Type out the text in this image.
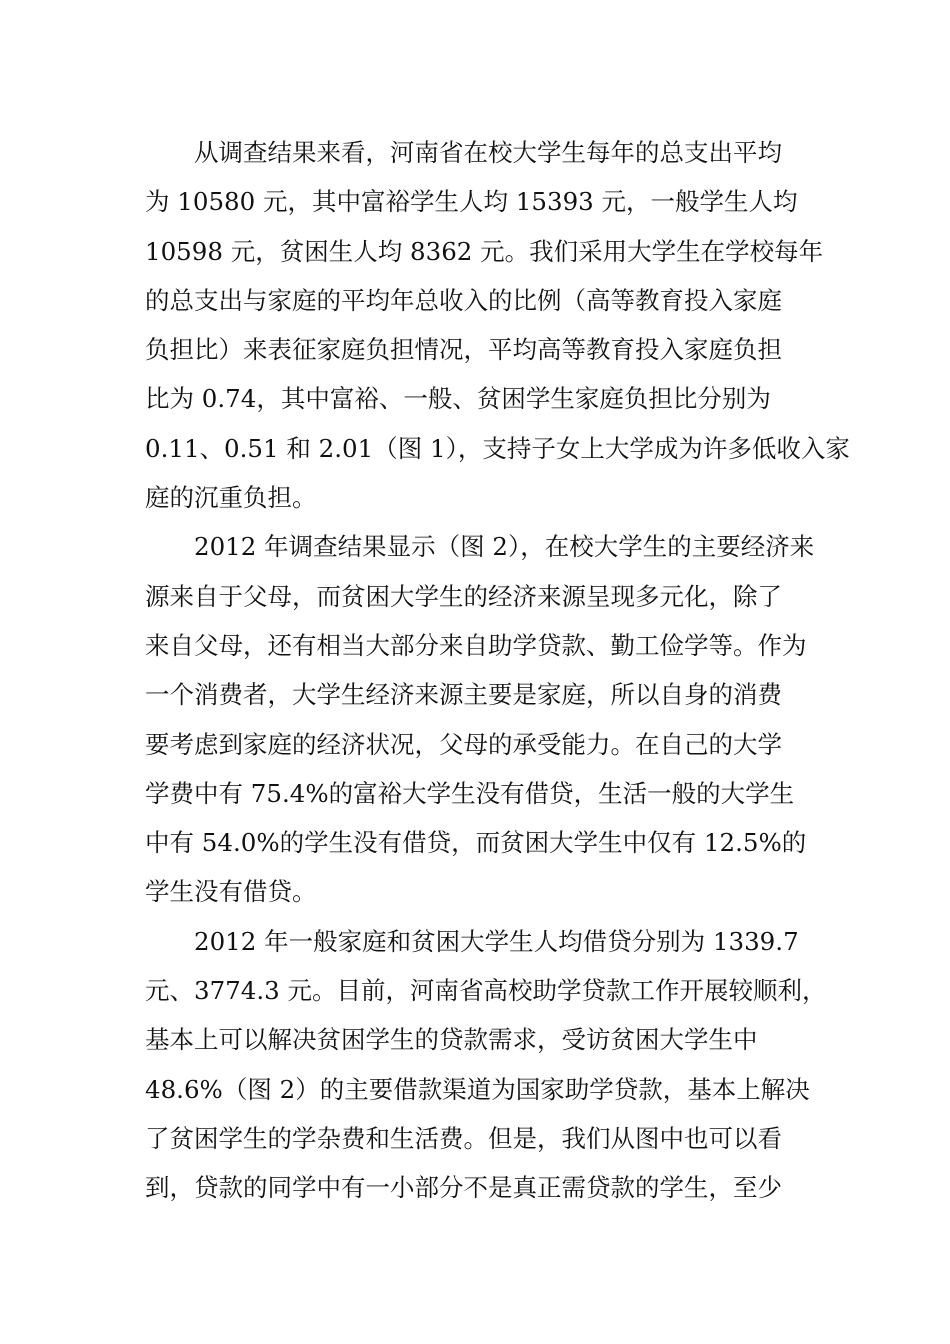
从调查结果来看，河南省在校大学生每年的总支出平均
为 10580 元，其中富裕学生人均 15393 元，一般学生人均
10598 元，贫困生人均 8362 元。我们采用大学生在学校每年
的总支出与家庭的平均年总收入的比例（高等教育投入家庭
负担比）来表征家庭负担情况，平均高等教育投入家庭负担
比为 0.74，其中富裕、一般、贫困学生家庭负担比分别为
0.11、0.51 和 2.01（图 1），支持子女上大学成为许多低收入家
庭的沉重负担。
2012 年调查结果显示（图 2），在校大学生的主要经济来
源来自于父母，而贫困大学生的经济来源呈现多元化，除了
来自父母，还有相当大部分来自助学贷款、勤工俭学等。作为
一个消费者，大学生经济来源主要是家庭，所以自身的消费
要考虑到家庭的经济状况，父母的承受能力。在自己的大学
学费中有 75.4%的富裕大学生没有借贷，生活一般的大学生
中有 54.0%的学生没有借贷，而贫困大学生中仅有 12.5%的
学生没有借贷。
2012 年一般家庭和贫困大学生人均借贷分别为 1339.7
元、3774.3 元。目前，河南省高校助学贷款工作开展较顺利，
基本上可以解决贫困学生的贷款需求，受访贫困大学生中
48.6%（图 2）的主要借款渠道为国家助学贷款，基本上解决
了贫困学生的学杂费和生活费。但是，我们从图中也可以看
到，贷款的同学中有一小部分不是真正需贷款的学生，至少
